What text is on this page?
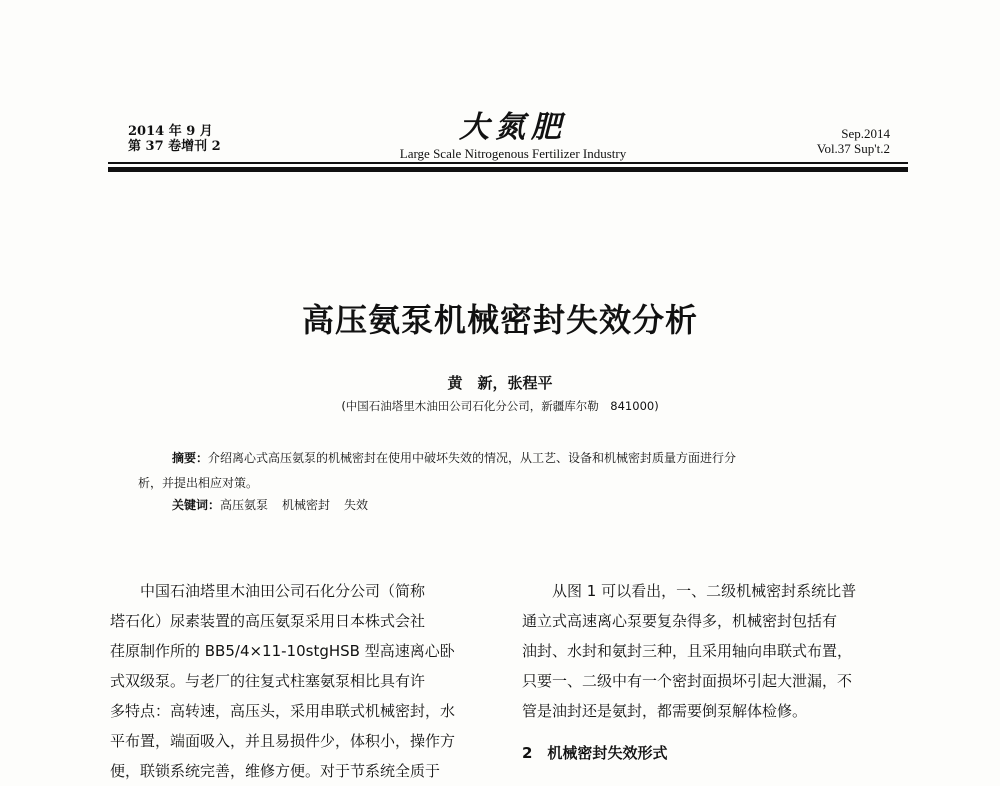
2014 年 9 月
第 37 卷增刊 2
大氮肥
Large Scale Nitrogenous Fertilizer Industry
Sep.2014
Vol.37 Sup't.2
高压氨泵机械密封失效分析
黄　新，张程平
(中国石油塔里木油田公司石化分公司，新疆库尔勒　841000)
摘要：介绍离心式高压氨泵的机械密封在使用中破坏失效的情况，从工艺、设备和机械密封质量方面进行分
析，并提出相应对策。
关键词：高压氨泵 机械密封 失效

中国石油塔里木油田公司石化分公司（简称

塔石化）尿素装置的高压氨泵采用日本株式会社
荏原制作所的 BB5/4×11-10stgHSB 型高速离心卧
式双级泵。与老厂的往复式柱塞氨泵相比具有许
多特点：高转速，高压头，采用串联式机械密封，水
平布置，端面吸入，并且易损件少，体积小，操作方
便，联锁系统完善，维修方便。对于节系统全质于

从图 1 可以看出，一、二级机械密封系统比普

通立式高速离心泵要复杂得多，机械密封包括有
油封、水封和氨封三种，且采用轴向串联式布置，
只要一、二级中有一个密封面损坏引起大泄漏，不
管是油封还是氨封，都需要倒泵解体检修。
2　机械密封失效形式
